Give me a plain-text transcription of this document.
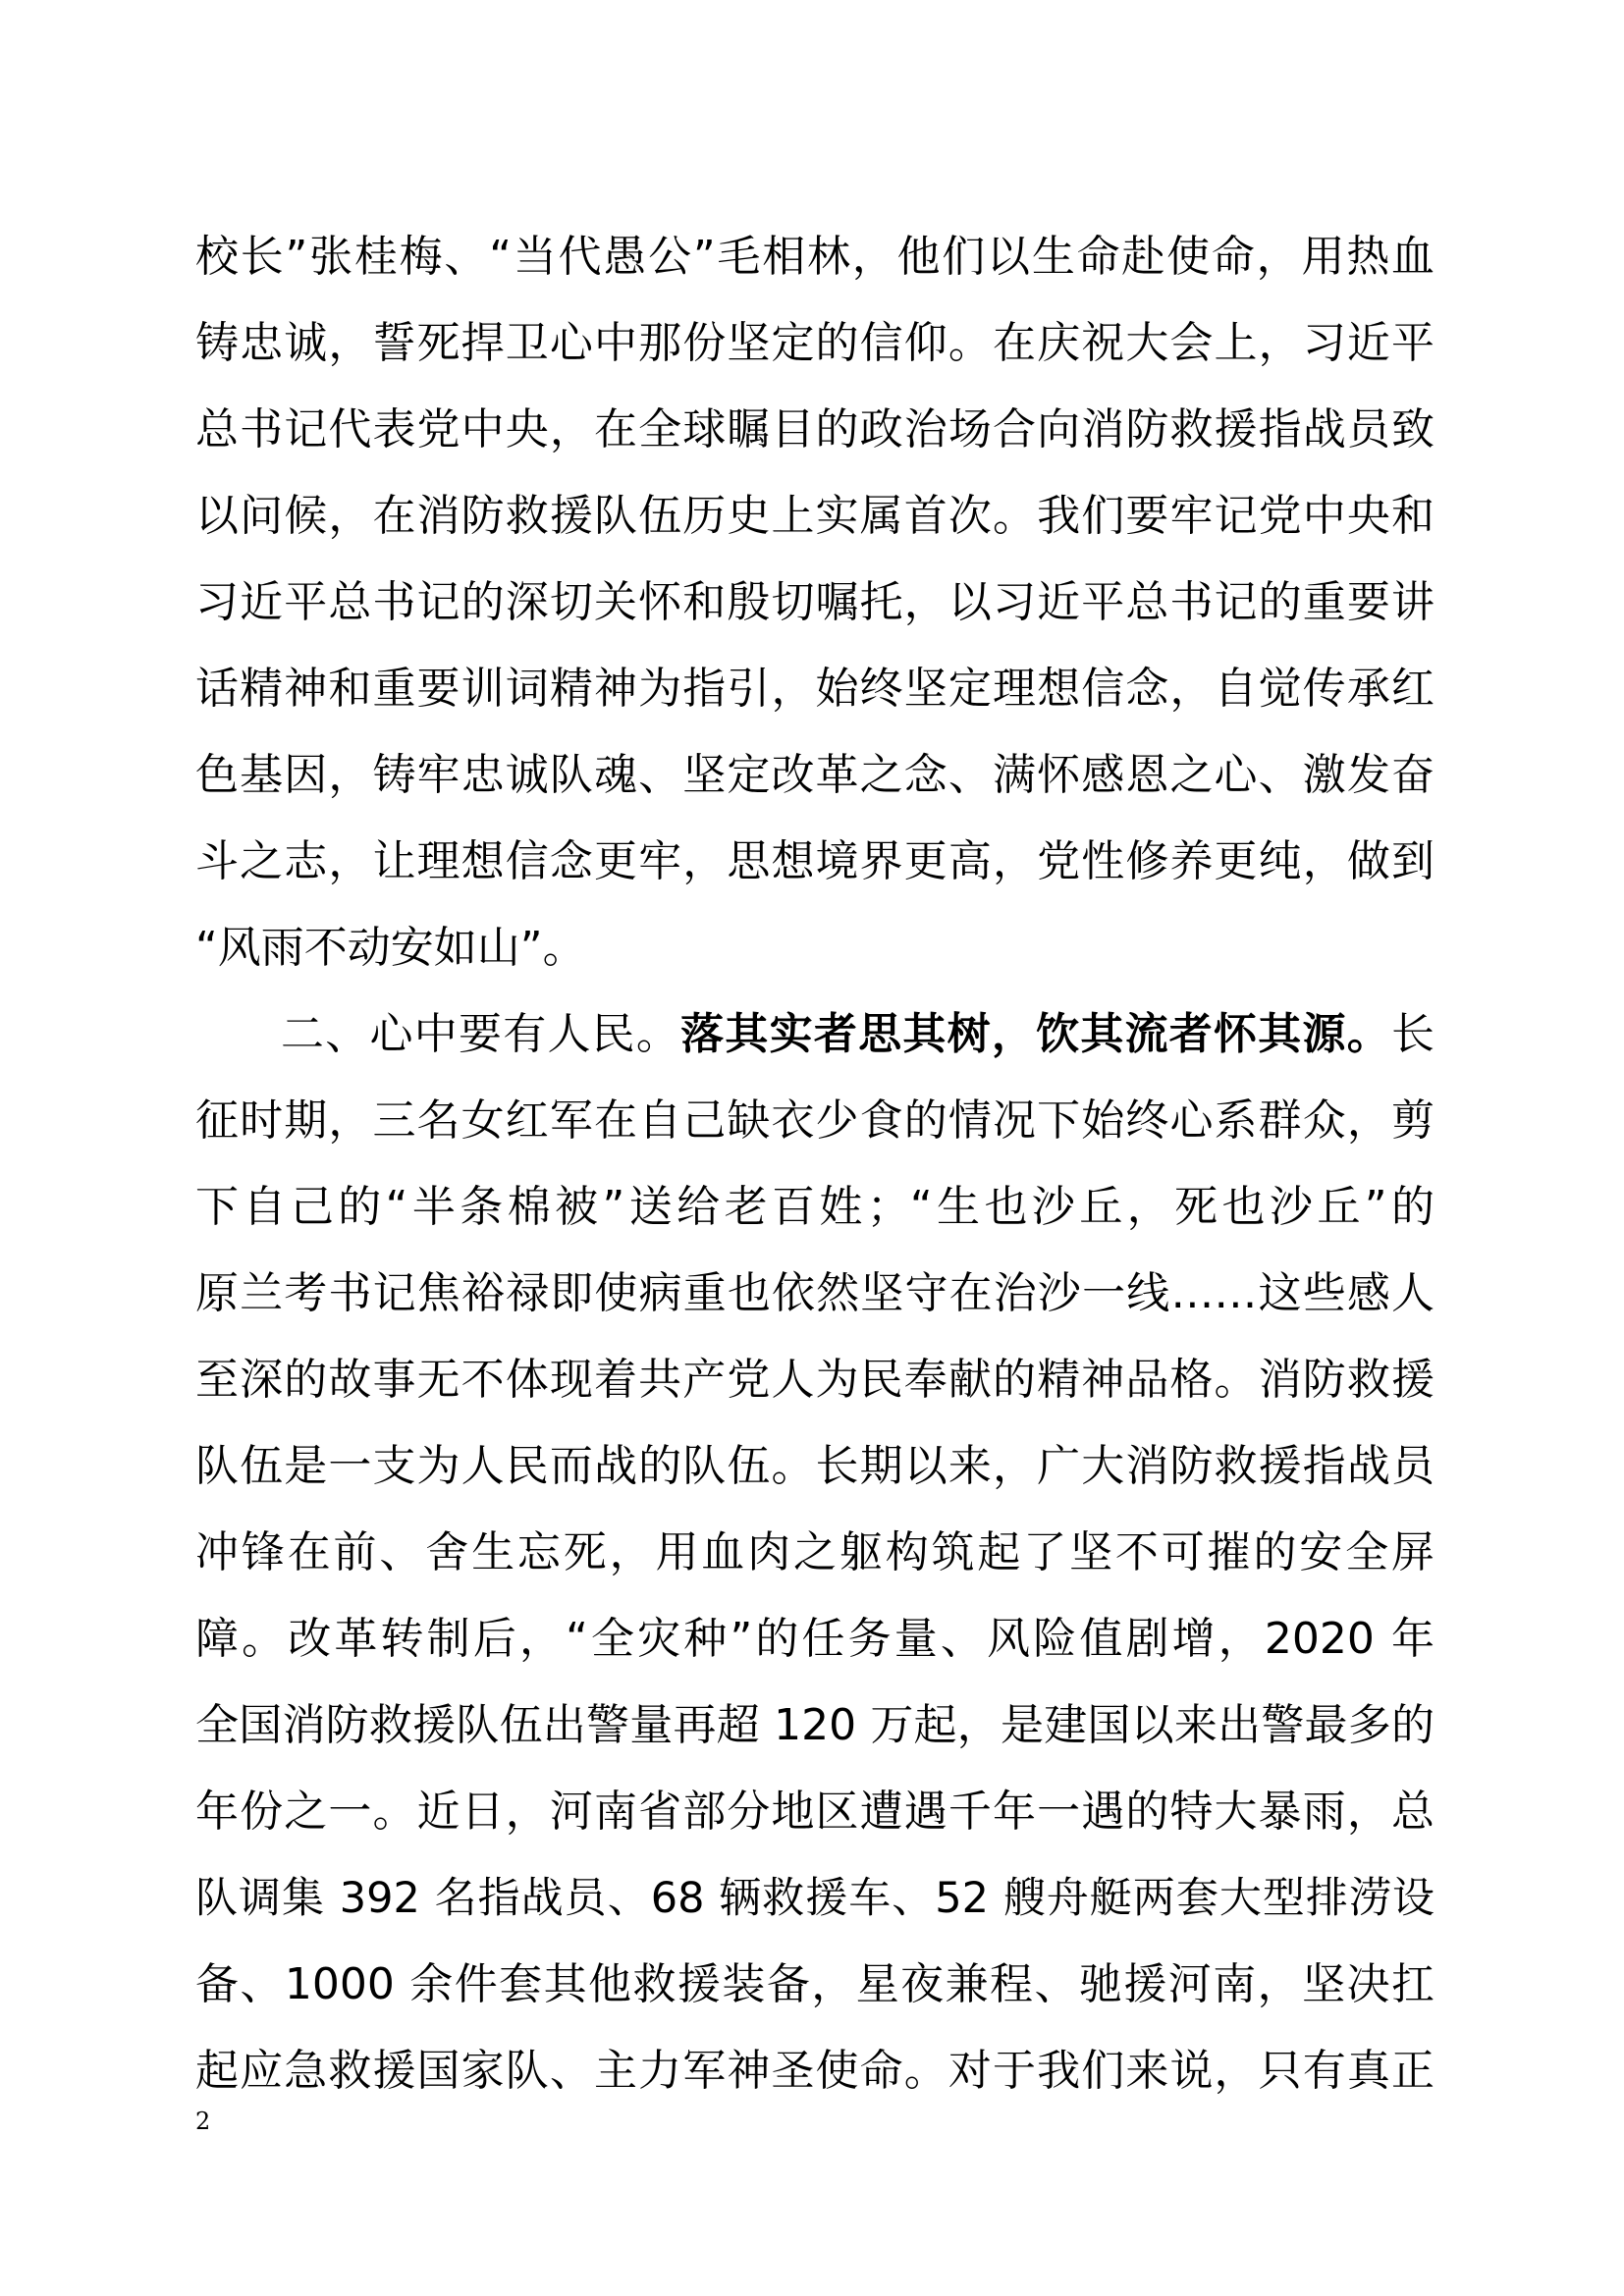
校长”张桂梅、“当代愚公”毛相林，他们以生命赴使命，用热血
铸忠诚，誓死捍卫心中那份坚定的信仰。在庆祝大会上，习近平
总书记代表党中央，在全球瞩目的政治场合向消防救援指战员致
以问候，在消防救援队伍历史上实属首次。我们要牢记党中央和
习近平总书记的深切关怀和殷切嘱托，以习近平总书记的重要讲
话精神和重要训词精神为指引，始终坚定理想信念，自觉传承红
色基因，铸牢忠诚队魂、坚定改革之念、满怀感恩之心、激发奋
斗之志，让理想信念更牢，思想境界更高，党性修养更纯，做到
“风雨不动安如山”。
二、心中要有人民。落其实者思其树，饮其流者怀其源。长
征时期，三名女红军在自己缺衣少食的情况下始终心系群众，剪
下自己的“半条棉被”送给老百姓；“生也沙丘，死也沙丘”的
原兰考书记焦裕禄即使病重也依然坚守在治沙一线……这些感人
至深的故事无不体现着共产党人为民奉献的精神品格。消防救援
队伍是一支为人民而战的队伍。长期以来，广大消防救援指战员
冲锋在前、舍生忘死，用血肉之躯构筑起了坚不可摧的安全屏
障。改革转制后，“全灾种”的任务量、风险值剧增，2020 年
全国消防救援队伍出警量再超 120 万起，是建国以来出警最多的
年份之一。近日，河南省部分地区遭遇千年一遇的特大暴雨，总
队调集 392 名指战员、68 辆救援车、52 艘舟艇两套大型排涝设
备、1000 余件套其他救援装备，星夜兼程、驰援河南，坚决扛
起应急救援国家队、主力军神圣使命。对于我们来说，只有真正
2
